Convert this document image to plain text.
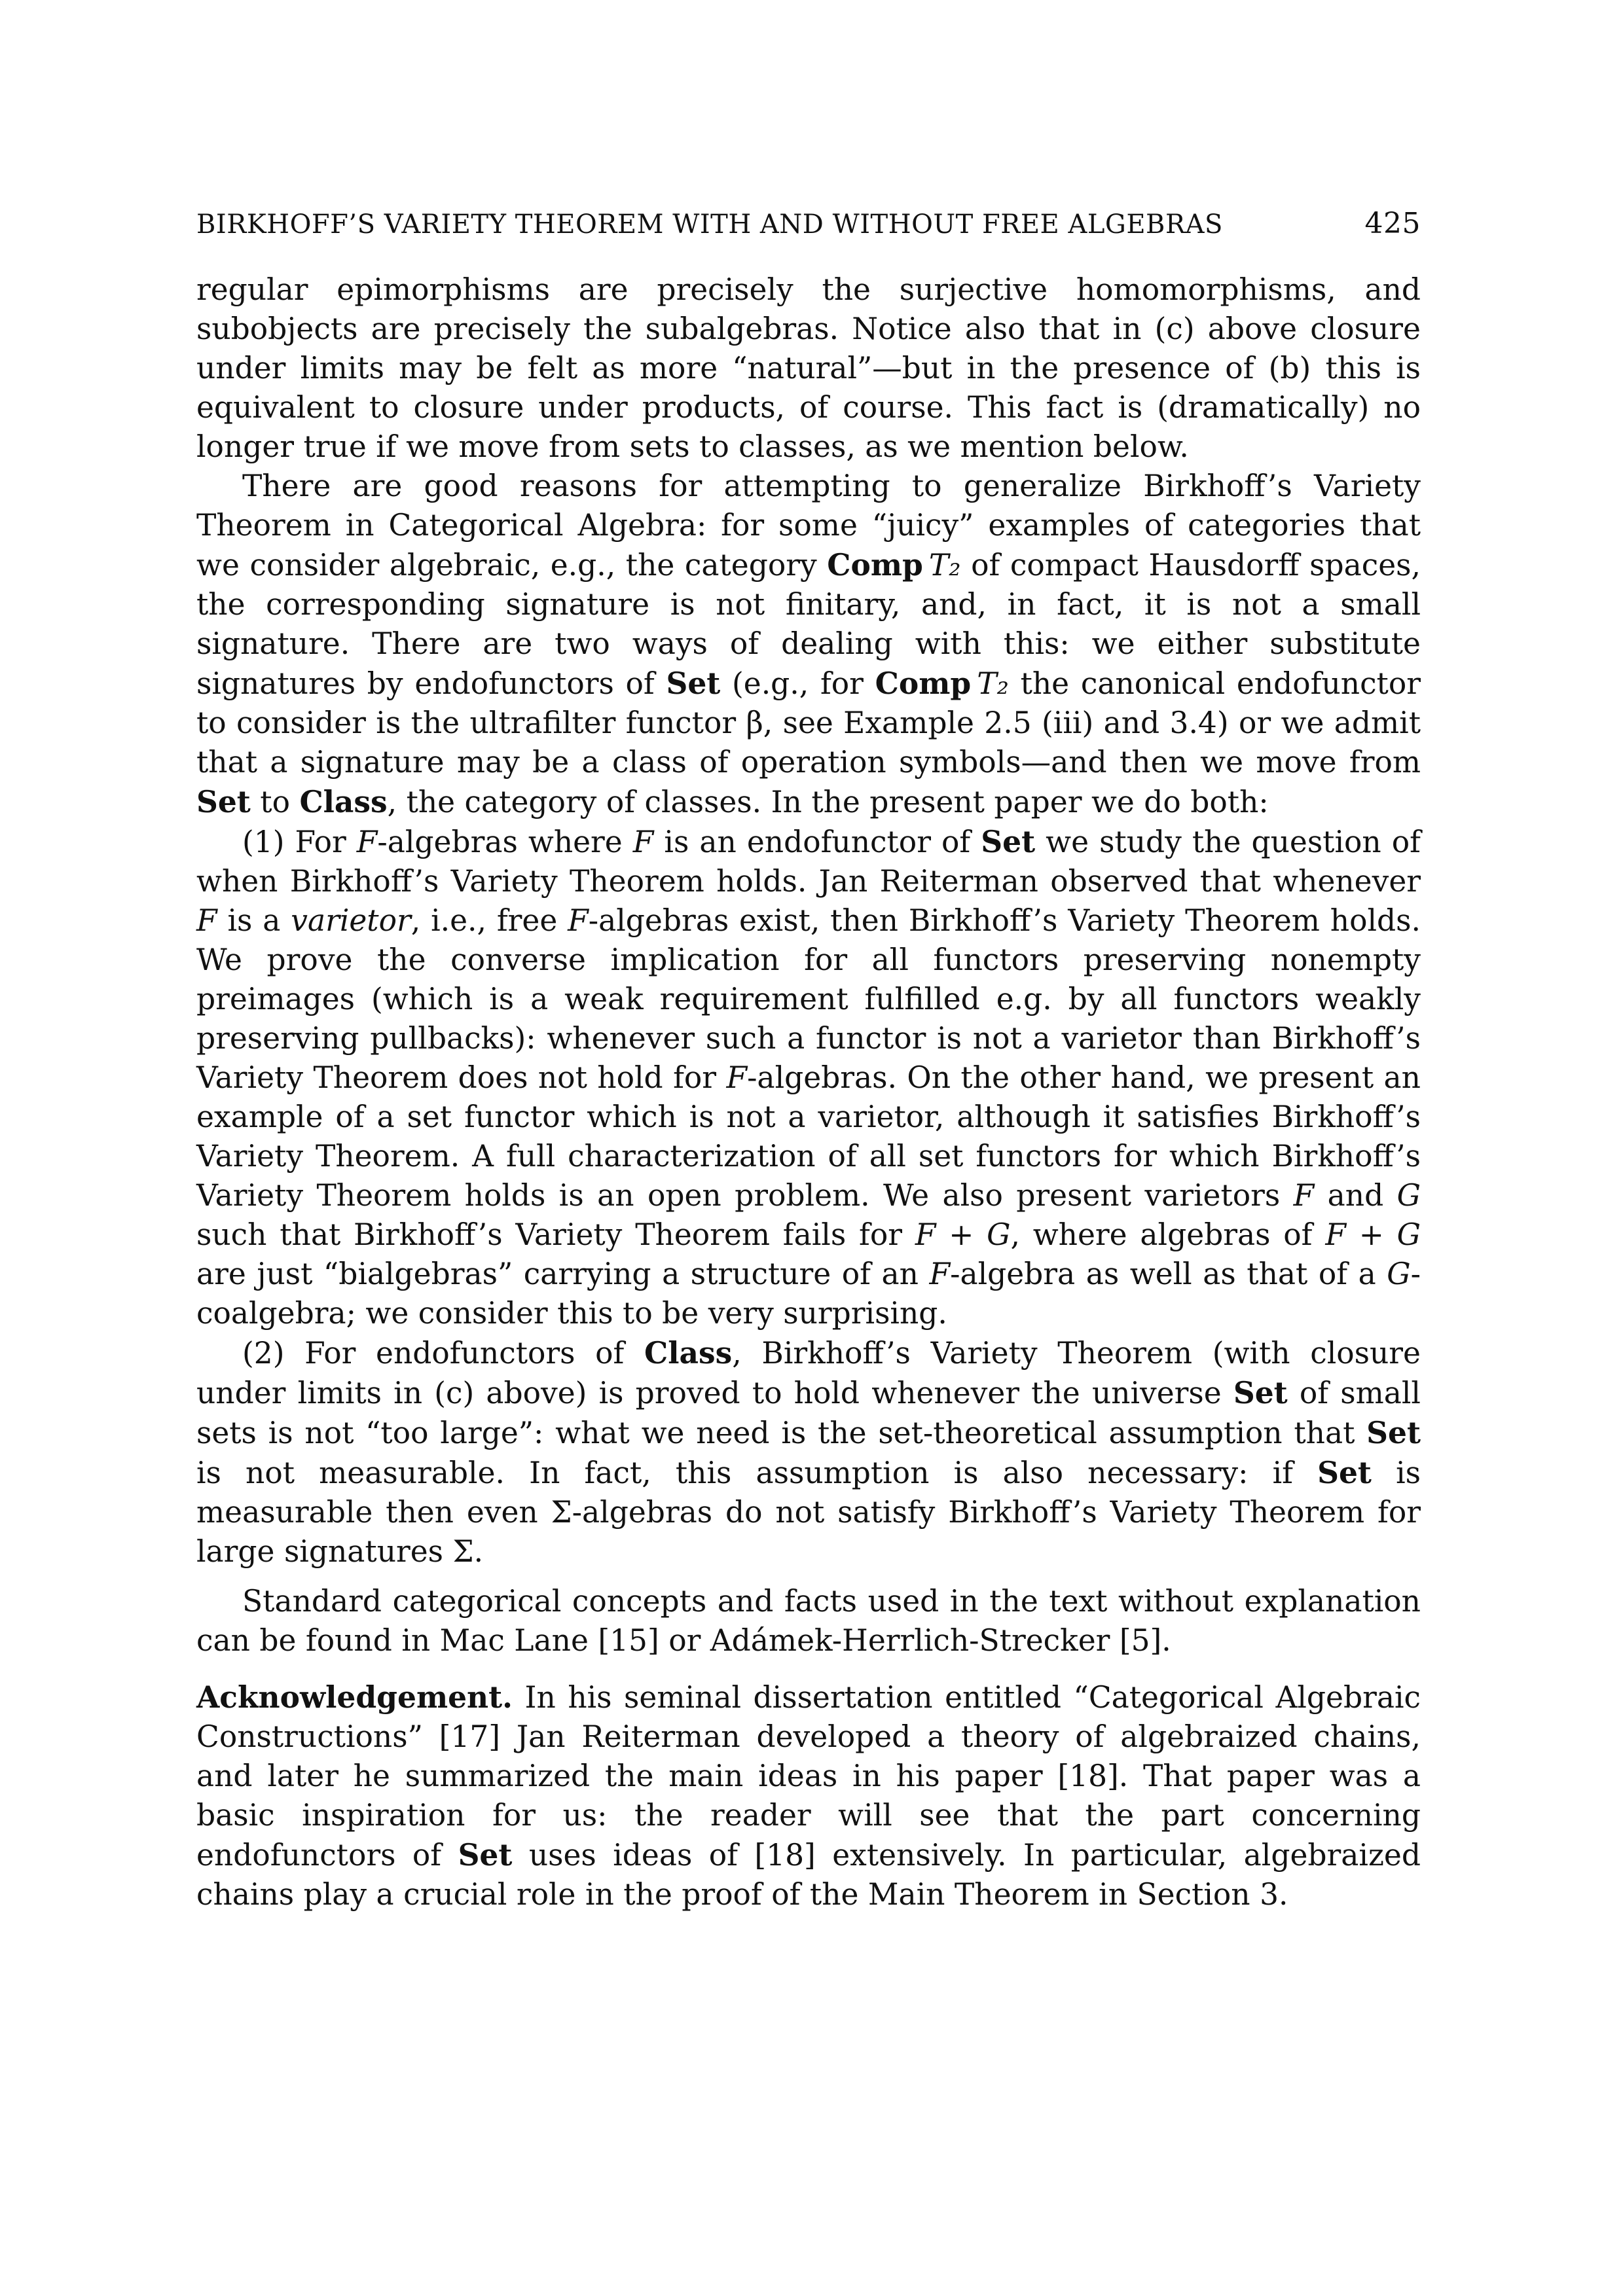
BIRKHOFF’S VARIETY THEOREM WITH AND WITHOUT FREE ALGEBRAS	425

regular epimorphisms are precisely the surjective homomorphisms, and subobjects are precisely the subalgebras. Notice also that in (c) above closure under limits may be felt as more “natural”—but in the presence of (b) this is equivalent to closure under products, of course. This fact is (dramatically) no longer true if we move from sets to classes, as we mention below.

There are good reasons for attempting to generalize Birkhoff’s Variety Theorem in Categorical Algebra: for some “juicy” examples of categories that we consider algebraic, e.g., the category Comp  T₂ of compact Hausdorff spaces, the corresponding signature is not finitary, and, in fact, it is not a small signature. There are two ways of dealing with this: we either substitute signatures by endofunctors of Set (e.g., for Comp  T₂ the canonical endofunctor to consider is the ultrafilter functor β, see Example 2.5 (iii) and 3.4) or we admit that a signature may be a class of operation symbols—and then we move from Set to Class, the category of classes. In the present paper we do both:

(1) For F-algebras where F is an endofunctor of Set we study the question of when Birkhoff’s Variety Theorem holds. Jan Reiterman observed that whenever F is a varietor, i.e., free F-algebras exist, then Birkhoff’s Variety Theorem holds. We prove the converse implication for all functors preserving nonempty preimages (which is a weak requirement fulfilled e.g. by all functors weakly preserving pullbacks): whenever such a functor is not a varietor than Birkhoff’s Variety Theorem does not hold for F-algebras. On the other hand, we present an example of a set functor which is not a varietor, although it satisfies Birkhoff’s Variety Theorem. A full characterization of all set functors for which Birkhoff’s Variety Theorem holds is an open problem. We also present varietors F and G such that Birkhoff’s Variety Theorem fails for F + G, where algebras of F + G are just “bialgebras” carrying a structure of an F-algebra as well as that of a G-coalgebra; we consider this to be very surprising.

(2) For endofunctors of Class, Birkhoff’s Variety Theorem (with closure under limits in (c) above) is proved to hold whenever the universe Set of small sets is not “too large”: what we need is the set-theoretical assumption that Set is not measurable. In fact, this assumption is also necessary: if Set is measurable then even Σ-algebras do not satisfy Birkhoff’s Variety Theorem for large signatures Σ.

Standard categorical concepts and facts used in the text without explanation can be found in Mac Lane [15] or Adámek-Herrlich-Strecker [5].

Acknowledgement. In his seminal dissertation entitled “Categorical Algebraic Constructions” [17] Jan Reiterman developed a theory of algebraized chains, and later he summarized the main ideas in his paper [18]. That paper was a basic inspiration for us: the reader will see that the part concerning endofunctors of Set uses ideas of [18] extensively. In particular, algebraized chains play a crucial role in the proof of the Main Theorem in Section 3.
